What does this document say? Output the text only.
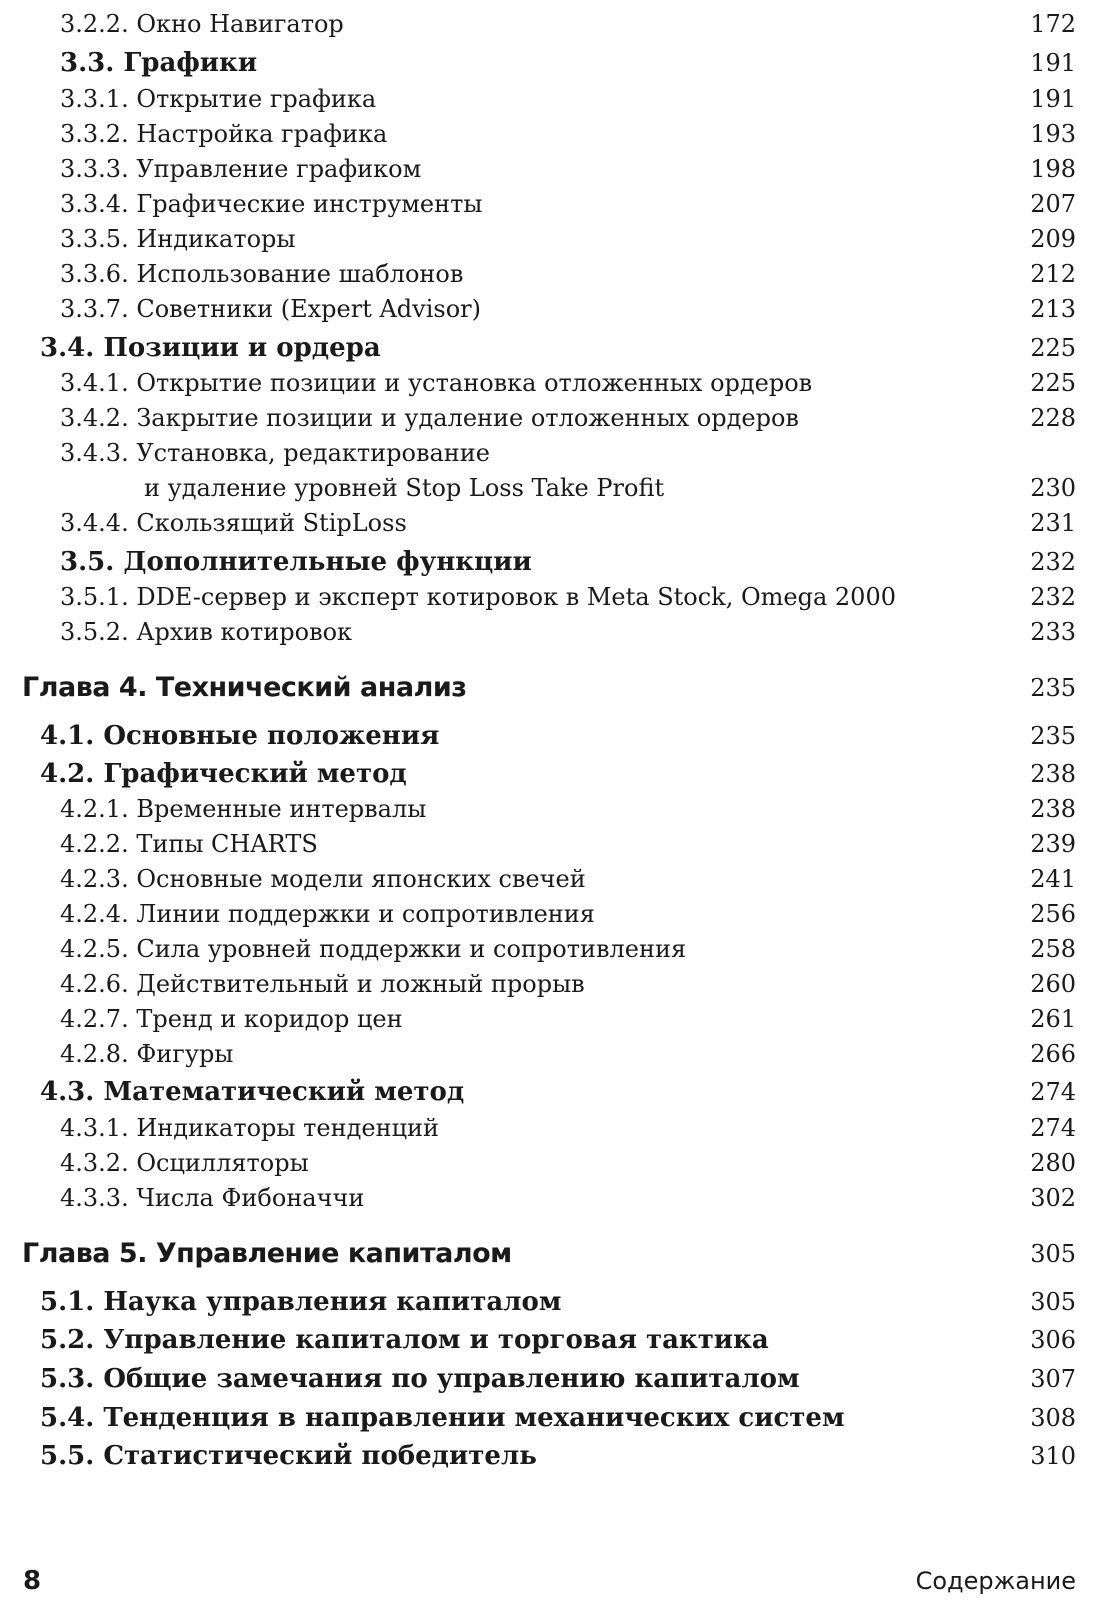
3.2.2. Окно Навигатор	172
3.3. Графики	191
3.3.1. Открытие графика	191
3.3.2. Настройка графика	193
3.3.3. Управление графиком	198
3.3.4. Графические инструменты	207
3.3.5. Индикаторы	209
3.3.6. Использование шаблонов	212
3.3.7. Советники (Expert Advisor)	213
3.4. Позиции и ордера	225
3.4.1. Открытие позиции и установка отложенных ордеров	225
3.4.2. Закрытие позиции и удаление отложенных ордеров	228
3.4.3. Установка, редактирование
и удаление уровней Stop Loss Take Profit	230
3.4.4. Скользящий StipLoss	231
3.5. Дополнительные функции	232
3.5.1. DDE-сервер и эксперт котировок в Meta Stock, Omega 2000	232
3.5.2. Архив котировок	233
Глава 4. Технический анализ	235
4.1. Основные положения	235
4.2. Графический метод	238
4.2.1. Временные интервалы	238
4.2.2. Типы CHARTS	239
4.2.3. Основные модели японских свечей	241
4.2.4. Линии поддержки и сопротивления	256
4.2.5. Сила уровней поддержки и сопротивления	258
4.2.6. Действительный и ложный прорыв	260
4.2.7. Тренд и коридор цен	261
4.2.8. Фигуры	266
4.3. Математический метод	274
4.3.1. Индикаторы тенденций	274
4.3.2. Осцилляторы	280
4.3.3. Числа Фибоначчи	302
Глава 5. Управление капиталом	305
5.1. Наука управления капиталом	305
5.2. Управление капиталом и торговая тактика	306
5.3. Общие замечания по управлению капиталом	307
5.4. Тенденция в направлении механических систем	308
5.5. Статистический победитель	310
8	Содержание
